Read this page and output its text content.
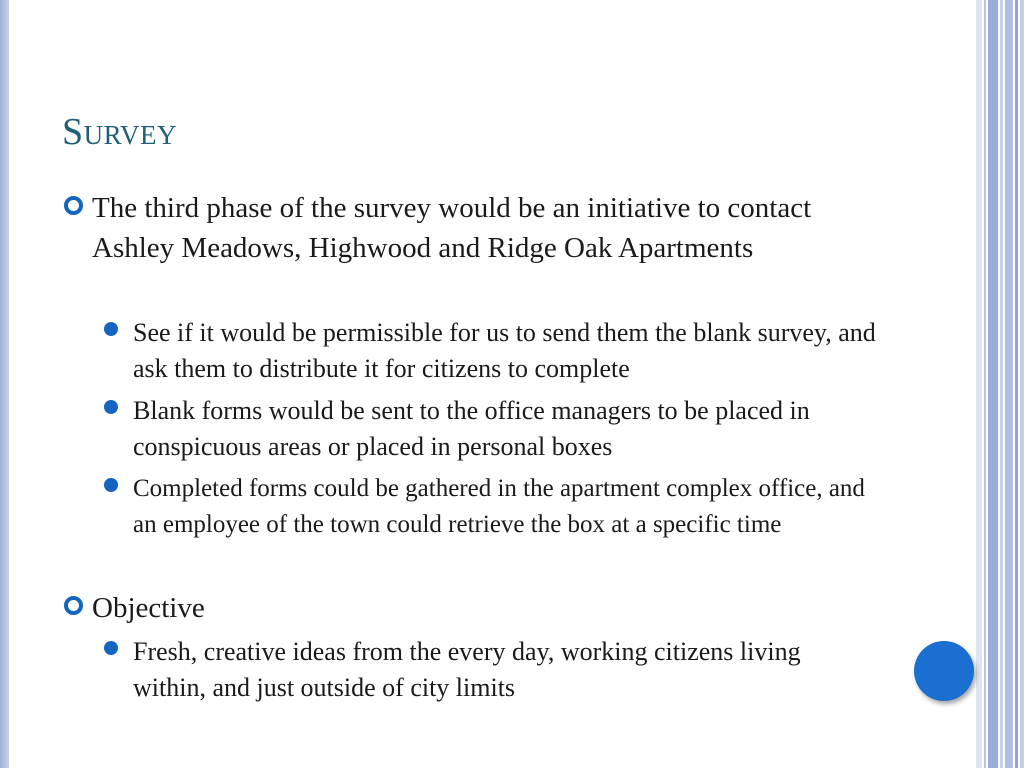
Survey
The third phase of the survey would be an initiative to contact Ashley Meadows, Highwood and Ridge Oak Apartments
See if it would be permissible for us to send them the blank survey, and ask them to distribute it for citizens to complete
Blank forms would be sent to the office managers to be placed in conspicuous areas or placed in personal boxes
Completed forms could be gathered in the apartment complex office, and an employee of the town could retrieve the box at a specific time
Objective
Fresh, creative ideas from the every day, working citizens living within, and just outside of city limits
